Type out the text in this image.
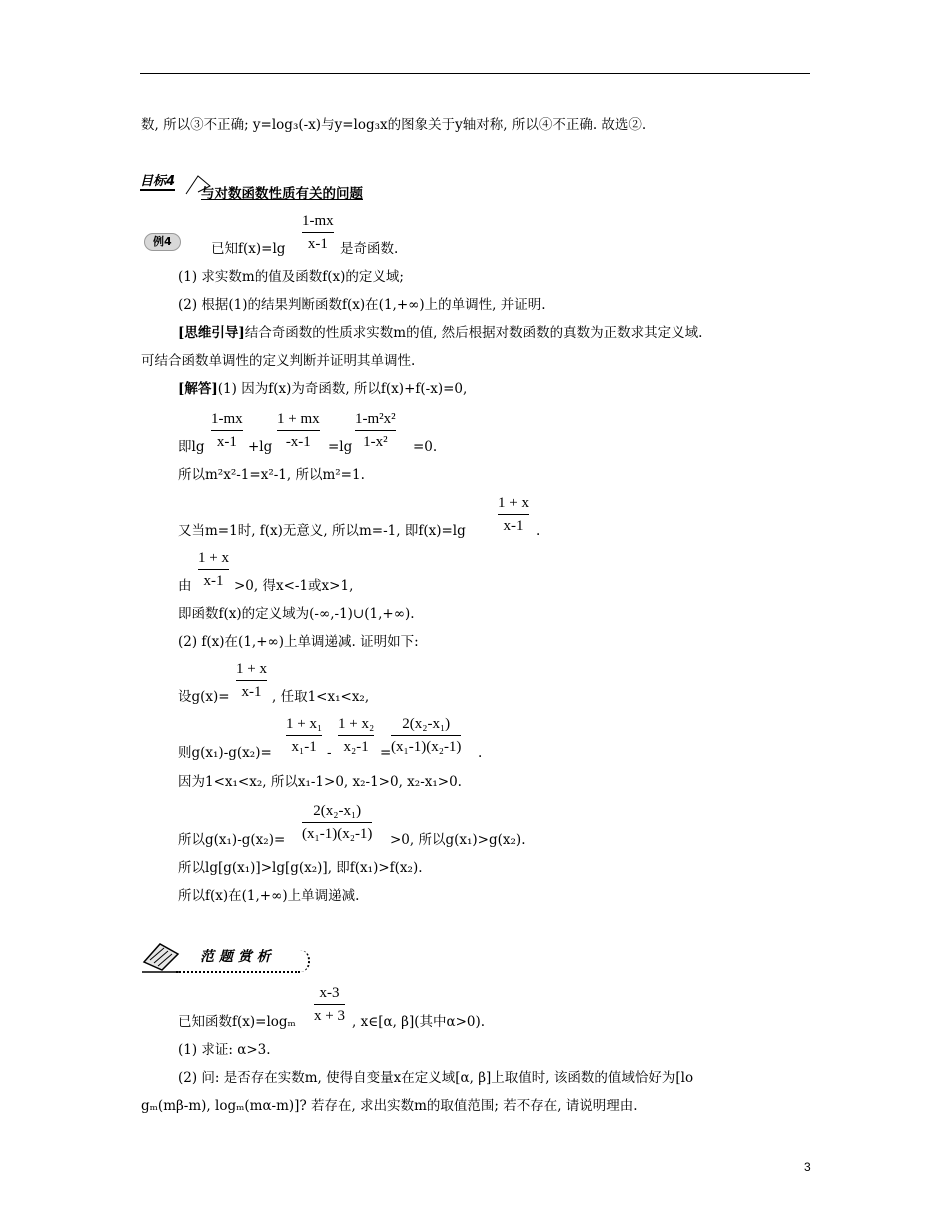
数, 所以③不正确; y=log₃(-x)与y=log₃x的图象关于y轴对称, 所以④不正确. 故选②.
目标4
与对数函数性质有关的问题
例4	已知f(x)=lg
1-mx
x-1 是奇函数.
(1) 求实数m的值及函数f(x)的定义域;
(2) 根据(1)的结果判断函数f(x)在(1,+∞)上的单调性, 并证明.
[思维引导]结合奇函数的性质求实数m的值, 然后根据对数函数的真数为正数求其定义域.
可结合函数单调性的定义判断并证明其单调性.
[解答](1) 因为f(x)为奇函数, 所以f(x)+f(-x)=0,
即lg
1-mx
x-1 +lg
1 + mx
-x-1	=lg
1-m²x²
1-x²	=0.
所以m²x²-1=x²-1, 所以m²=1.
又当m=1时, f(x)无意义, 所以m=-1, 即f(x)=lg
1 + x
x-1 .
由
1 + x
x-1 >0, 得x<-1或x>1,
即函数f(x)的定义域为(-∞,-1)∪(1,+∞).
(2) f(x)在(1,+∞)上单调递减. 证明如下:
设g(x)=
1 + x
x-1 , 任取1<x₁<x₂,
则g(x₁)-g(x₂)=
1 + x₁
x₁-1 -
1 + x₂
x₂-1 =
2(x₂-x₁)
(x₁-1)(x₂-1) .
因为1<x₁<x₂, 所以x₁-1>0, x₂-1>0, x₂-x₁>0.
所以g(x₁)-g(x₂)=
2(x₂-x₁)
(x₁-1)(x₂-1) >0, 所以g(x₁)>g(x₂).
所以lg[g(x₁)]>lg[g(x₂)], 即f(x₁)>f(x₂).
所以f(x)在(1,+∞)上单调递减.
范 题 赏 析
已知函数f(x)=logₘ
x-3
x + 3 , x∈[α, β](其中α>0).
(1) 求证: α>3.
(2) 问: 是否存在实数m, 使得自变量x在定义域[α, β]上取值时, 该函数的值域恰好为[lo
gₘ(mβ-m), logₘ(mα-m)]? 若存在, 求出实数m的取值范围; 若不存在, 请说明理由.
3
